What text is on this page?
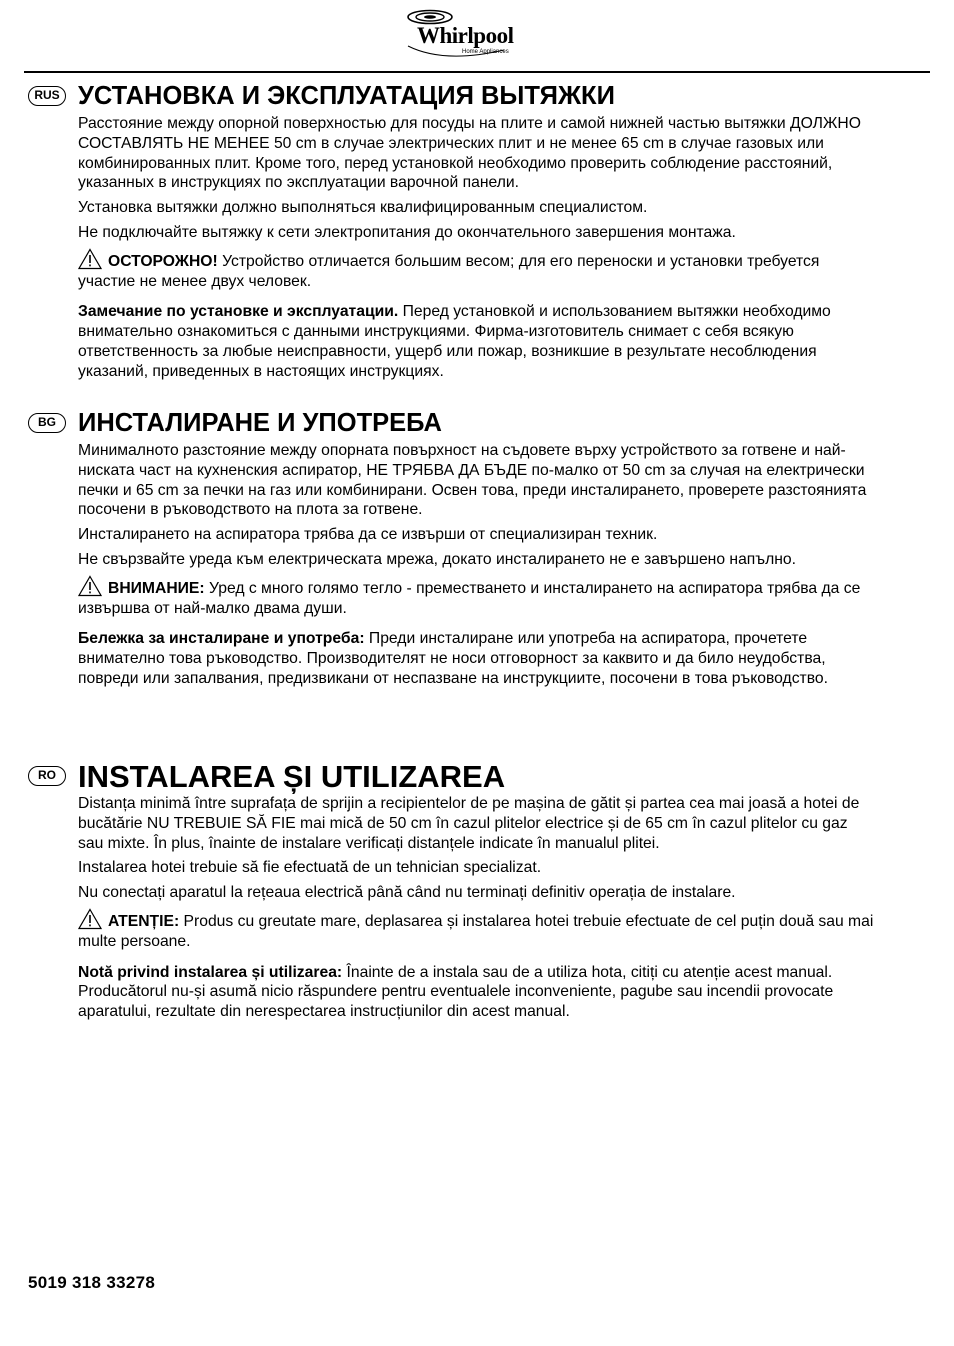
Whirlpool
Home Appliances
RUS УСТАНОВКА И ЭКСПЛУАТАЦИЯ ВЫТЯЖКИ

Расстояние между опорной поверхностью для посуды на плите и самой нижней частью вытяжки ДОЛЖНО СОСТАВЛЯТЬ НЕ МЕНЕЕ 50 cm в случае электрических плит и не менее 65 cm в случае газовых или комбинированных плит. Кроме того, перед установкой необходимо проверить соблюдение расстояний, указанных в инструкциях по эксплуатации варочной панели.

Установка вытяжки должно выполняться квалифицированным специалистом.

Не подключайте вытяжку к сети электропитания до окончательного завершения монтажа.

ОСТОРОЖНО! Устройство отличается большим весом; для его переноски и установки требуется участие не менее двух человек.

Замечание по установке и эксплуатации. Перед установкой и использованием вытяжки необходимо внимательно ознакомиться с данными инструкциями. Фирма-изготовитель снимает с себя всякую ответственность за любые неисправности, ущерб или пожар, возникшие в результате несоблюдения указаний, приведенных в настоящих инструкциях.

BG ИНСТАЛИРАНЕ И УПОТРЕБА

Минималното разстояние между опорната повърхност на съдовете върху устройството за готвене и най-ниската част на кухненския аспиратор, НЕ ТРЯБВА ДА БЪДЕ по-малко от 50 cm за случая на електрически печки и 65 cm за печки на газ или комбинирани. Освен това, преди инсталирането, проверете разстоянията посочени в ръководството на плота за готвене.

Инсталирането на аспиратора трябва да се извърши от специализиран техник.

Не свързвайте уреда към електрическата мрежа, докато инсталирането не е завършено напълно.

ВНИМАНИЕ: Уред с много голямо тегло - преместването и инсталирането на аспиратора трябва да се извършва от най-малко двама души.

Бележка за инсталиране и употреба: Преди инсталиране или употреба на аспиратора, прочетете внимателно това ръководство. Производителят не носи отговорност за каквито и да било неудобства, повреди или запалвания, предизвикани от неспазване на инструкциите, посочени в това ръководство.

RO INSTALAREA ȘI UTILIZAREA

Distanța minimă între suprafața de sprijin a recipientelor de pe mașina de gătit și partea cea mai joasă a hotei de bucătărie NU TREBUIE SĂ FIE mai mică de 50 cm în cazul plitelor electrice și de 65 cm în cazul plitelor cu gaz sau mixte. În plus, înainte de instalare verificați distanțele indicate în manualul plitei.

Instalarea hotei trebuie să fie efectuată de un tehnician specializat.

Nu conectați aparatul la rețeaua electrică până când nu terminați definitiv operația de instalare.

ATENȚIE: Produs cu greutate mare, deplasarea și instalarea hotei trebuie efectuate de cel puțin două sau mai multe persoane.

Notă privind instalarea și utilizarea: Înainte de a instala sau de a utiliza hota, citiți cu atenție acest manual. Producătorul nu-și asumă nicio răspundere pentru eventualele inconveniente, pagube sau incendii provocate aparatului, rezultate din nerespectarea instrucțiunilor din acest manual.

5019 318 33278
